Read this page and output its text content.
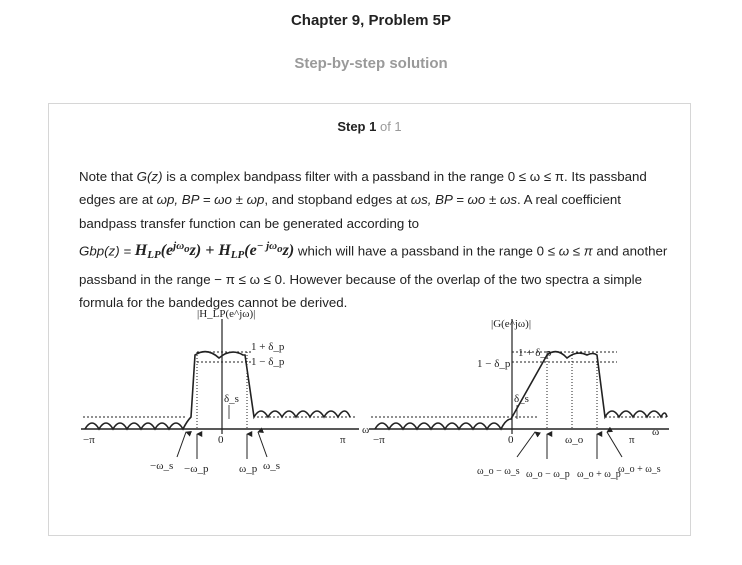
Chapter 9, Problem 5P
Step-by-step solution
Step 1 of 1

Note that G(z) is a complex bandpass filter with a passband in the range 0 ≤ ω ≤ π. Its passband edges are at ωp, BP = ωo ± ωp, and stopband edges at ωs, BP = ωo ± ωs. A real coefficient bandpass transfer function can be generated according to

$Gbp(z) = H_{LP}(e^{j\omega o}z) + H_{LP}(e^{- j\omega o}z)$ which will have a passband in the range 0 ≤ ω ≤ π and another passband in the range − π ≤ ω ≤ 0. However because of the overlap of the two spectra a simple formula for the bandedges cannot be derived.

|H_LP(e^jω)|
1 + δ_p
1 − δ_p
δ_s
−π	0	π
ω
−ω_s −ω_p	ω_p ω_s
|G(e^jω)|
1 + δ_p
1 − δ_p
δ_s
−π	0	ω_o	π
ω
ω_o − ω_s ω_o − ω_p ω_o + ω_p
ω_o + ω_s
